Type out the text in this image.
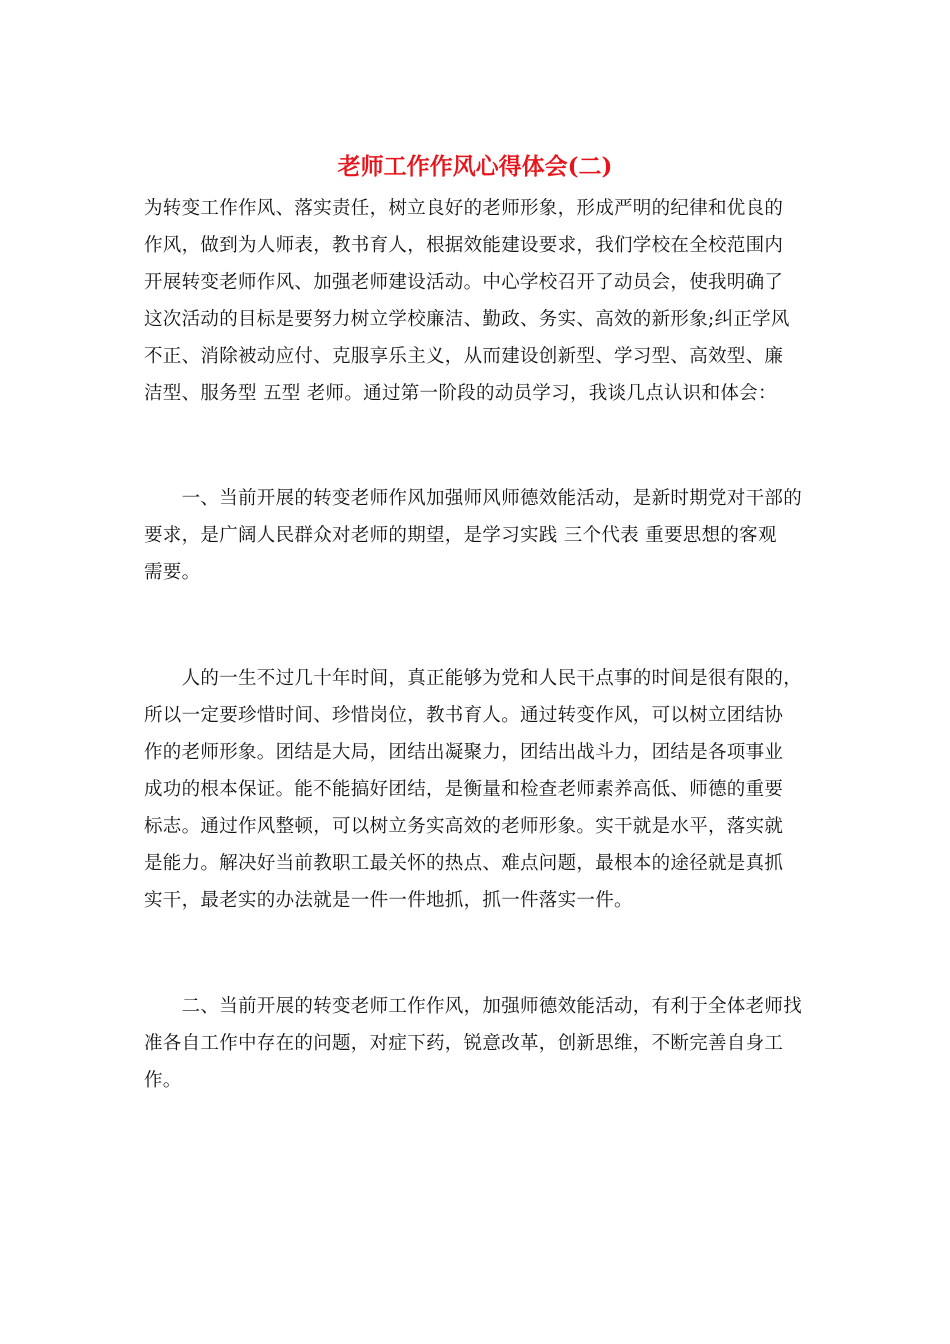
老师工作作风心得体会(二)

为转变工作作风、落实责任，树立良好的老师形象，形成严明的纪律和优良的
作风，做到为人师表，教书育人，根据效能建设要求，我们学校在全校范围内
开展转变老师作风、加强老师建设活动。中心学校召开了动员会，使我明确了
这次活动的目标是要努力树立学校廉洁、勤政、务实、高效的新形象;纠正学风
不正、消除被动应付、克服享乐主义，从而建设创新型、学习型、高效型、廉
洁型、服务型 五型 老师。通过第一阶段的动员学习，我谈几点认识和体会：

　　一、当前开展的转变老师作风加强师风师德效能活动，是新时期党对干部的
要求，是广阔人民群众对老师的期望，是学习实践 三个代表 重要思想的客观
需要。

　　人的一生不过几十年时间，真正能够为党和人民干点事的时间是很有限的，
所以一定要珍惜时间、珍惜岗位，教书育人。通过转变作风，可以树立团结协
作的老师形象。团结是大局，团结出凝聚力，团结出战斗力，团结是各项事业
成功的根本保证。能不能搞好团结，是衡量和检查老师素养高低、师德的重要
标志。通过作风整顿，可以树立务实高效的老师形象。实干就是水平，落实就
是能力。解决好当前教职工最关怀的热点、难点问题，最根本的途径就是真抓
实干，最老实的办法就是一件一件地抓，抓一件落实一件。

　　二、当前开展的转变老师工作作风，加强师德效能活动，有利于全体老师找
准各自工作中存在的问题，对症下药，锐意改革，创新思维，不断完善自身工
作。
